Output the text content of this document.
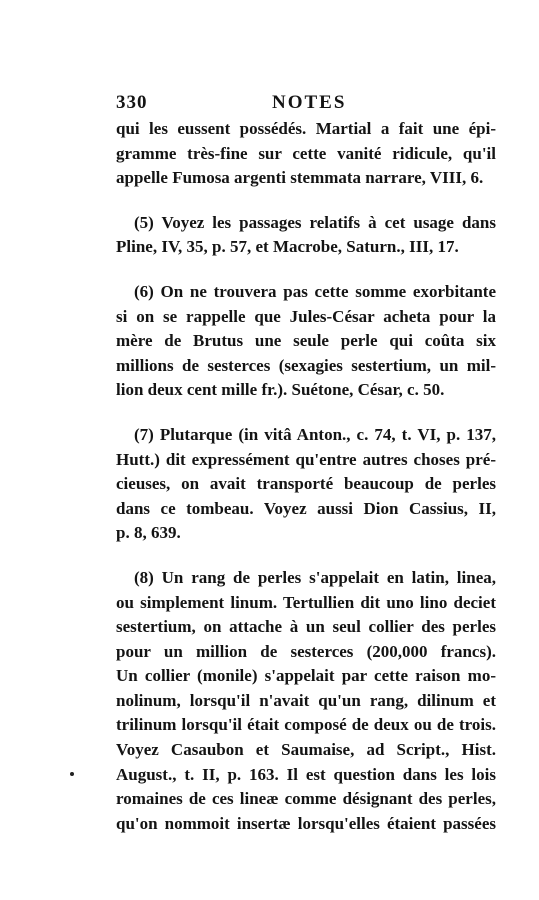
330	NOTES
qui les eussent possédés. Martial a fait une épi-
gramme très-fine sur cette vanité ridicule, qu'il
appelle Fumosa argenti stemmata narrare, VIII, 6.
(5) Voyez les passages relatifs à cet usage dans
Pline, IV, 35, p. 57, et Macrobe, Saturn., III, 17.
(6) On ne trouvera pas cette somme exorbitante
si on se rappelle que Jules-César acheta pour la
mère de Brutus une seule perle qui coûta six
millions de sesterces (sexagies sestertium, un mil-
lion deux cent mille fr.). Suétone, César, c. 50.
(7) Plutarque (in vitâ Anton., c. 74, t. VI, p. 137,
Hutt.) dit expressément qu'entre autres choses pré-
cieuses, on avait transporté beaucoup de perles
dans ce tombeau. Voyez aussi Dion Cassius, II,
p. 8, 639.
(8) Un rang de perles s'appelait en latin, linea,
ou simplement linum. Tertullien dit uno lino deciet
sestertium, on attache à un seul collier des perles
pour un million de sesterces (200,000 francs).
Un collier (monile) s'appelait par cette raison mo-
nolinum, lorsqu'il n'avait qu'un rang, dilinum et
trilinum lorsqu'il était composé de deux ou de trois.
Voyez Casaubon et Saumaise, ad Script., Hist.
August., t. II, p. 163. Il est question dans les lois
romaines de ces lineæ comme désignant des perles,
qu'on nommoit insertæ lorsqu'elles étaient passées
